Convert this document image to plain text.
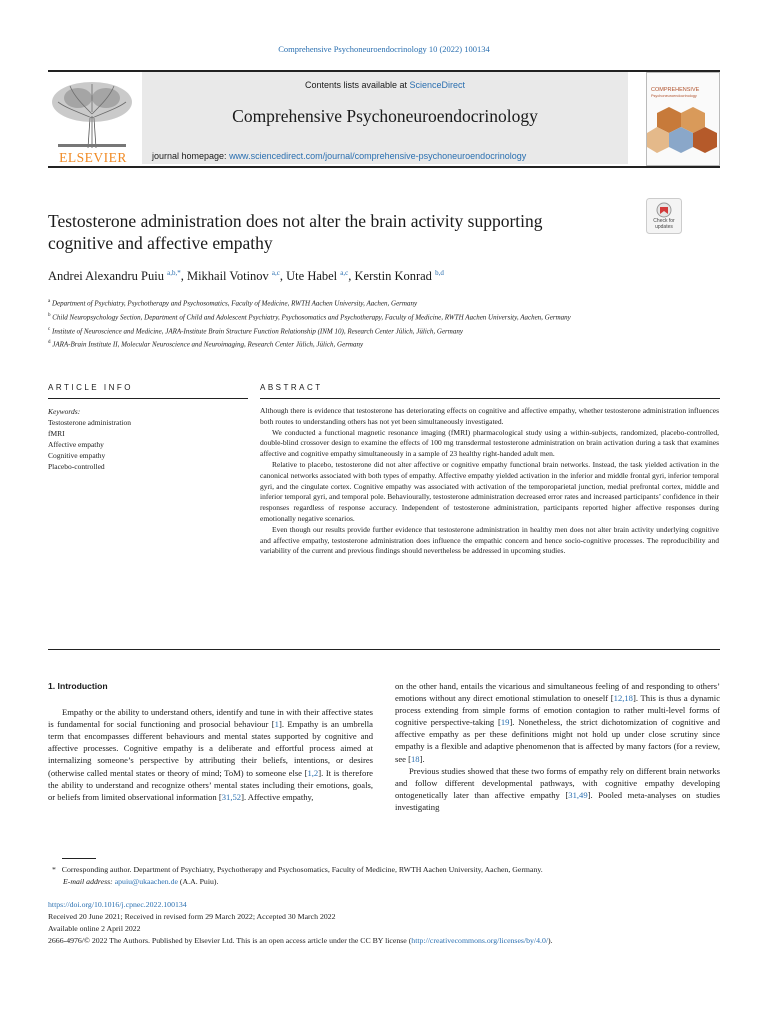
Comprehensive Psychoneuroendocrinology 10 (2022) 100134
ELSEVIER
Contents lists available at ScienceDirect
Comprehensive Psychoneuroendocrinology
journal homepage: www.sciencedirect.com/journal/comprehensive-psychoneuroendocrinology
COMPREHENSIVE
Psychoneuroendocrinology
Testosterone administration does not alter the brain activity supporting
cognitive and affective empathy
Check for updates
Andrei Alexandru Puiu $^{a,b,*}$, Mikhail Votinov $^{a,c}$, Ute Habel $^{a,c}$, Kerstin Konrad $^{b,d}$
$^a$ Department of Psychiatry, Psychotherapy and Psychosomatics, Faculty of Medicine, RWTH Aachen University, Aachen, Germany
$^b$ Child Neuropsychology Section, Department of Child and Adolescent Psychiatry, Psychosomatics and Psychotherapy, Faculty of Medicine, RWTH Aachen University, Aachen, Germany
$^c$ Institute of Neuroscience and Medicine, JARA-Institute Brain Structure Function Relationship (INM 10), Research Center Jülich, Jülich, Germany
$^d$ JARA-Brain Institute II, Molecular Neuroscience and Neuroimaging, Research Center Jülich, Jülich, Germany
ARTICLE INFO	ABSTRACT
Keywords:
Testosterone administration
fMRI
Affective empathy
Cognitive empathy
Placebo-controlled

Although there is evidence that testosterone has deteriorating effects on cognitive and affective empathy, whether testosterone administration influences both routes to understanding others has not yet been simultaneously investigated.

We conducted a functional magnetic resonance imaging (fMRI) pharmacological study using a within-subjects, randomized, placebo-controlled, double-blind crossover design to examine the effects of 100 mg transdermal testosterone administration on brain activation during a task that examines affective and cognitive empathy simultaneously in a sample of 23 healthy right-handed adult men.

Relative to placebo, testosterone did not alter affective or cognitive empathy functional brain networks. Instead, the task yielded activation in the canonical networks associated with both types of empathy. Affective empathy yielded activation in the inferior and middle frontal gyri, inferior temporal gyri, and the cingulate cortex. Cognitive empathy was associated with activation of the temporoparietal junction, medial prefrontal cortex, middle and inferior temporal gyri, and temporal pole. Behaviourally, testosterone administration decreased error rates and increased participants’ confidence in their responses regardless of response accuracy. Independent of testosterone administration, participants reported higher affective responses during emotionally negative scenarios.

Even though our results provide further evidence that testosterone administration in healthy men does not alter brain activity underlying cognitive and affective empathy, testosterone administration does influence the empathic concern and hence socio-cognitive processes. The reproducibility and variability of the current and previous findings should nevertheless be addressed in upcoming studies.

1. Introduction

Empathy or the ability to understand others, identify and tune in with their affective states is fundamental for social functioning and prosocial behaviour [1]. Empathy is an umbrella term that encompasses different behaviours and mental states supported by cognitive and affective processes. Cognitive empathy is a deliberate and effortful process aimed at internalizing someone’s perspective by attributing their beliefs, intentions, or desires (otherwise called mental states or theory of mind; ToM) to someone else [1,2]. It is therefore the ability to understand and recognize others’ mental states including their emotions, goals, or beliefs from limited observational information [31,52]. Affective empathy,

on the other hand, entails the vicarious and simultaneous feeling of and responding to others’ emotions without any direct emotional stimulation to oneself [12,18]. This is thus a dynamic process extending from simple forms of emotion contagion to rather multi-level forms of cognitive perspective-taking [19]. Nonetheless, the strict dichotomization of cognitive and affective empathy as per these definitions might not hold up under close scrutiny since empathy is a flexible and adaptive phenomenon that is affected by many factors (for a review, see [18].

Previous studies showed that these two forms of empathy rely on different brain networks and follow different developmental pathways, with cognitive empathy developing ontogenetically later than affective empathy [31,49]. Pooled meta-analyses on studies investigating

* Corresponding author. Department of Psychiatry, Psychotherapy and Psychosomatics, Faculty of Medicine, RWTH Aachen University, Aachen, Germany.
E-mail address: apuiu@ukaachen.de (A.A. Puiu).
https://doi.org/10.1016/j.cpnec.2022.100134
Received 20 June 2021; Received in revised form 29 March 2022; Accepted 30 March 2022
Available online 2 April 2022
2666-4976/© 2022 The Authors. Published by Elsevier Ltd. This is an open access article under the CC BY license (http://creativecommons.org/licenses/by/4.0/).
